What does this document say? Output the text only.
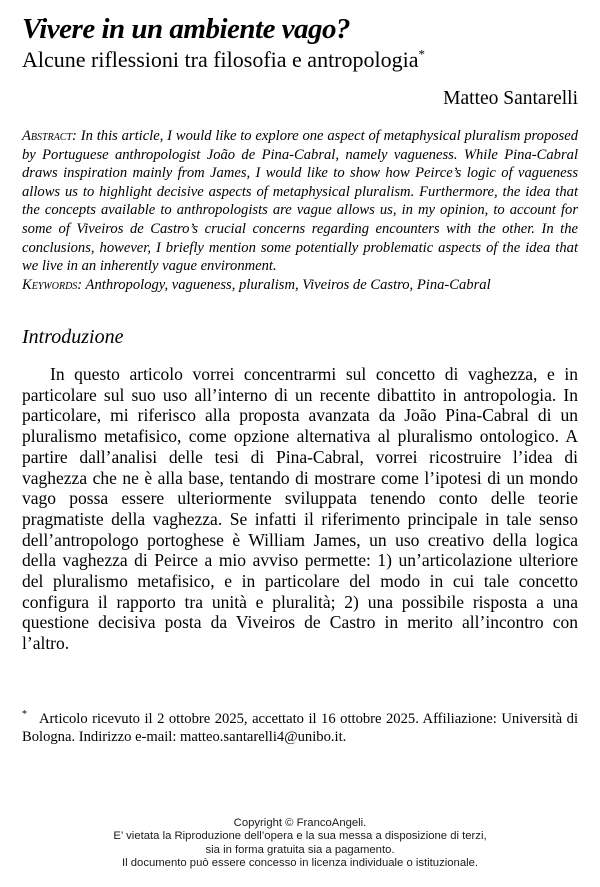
Vivere in un ambiente vago?
Alcune riflessioni tra filosofia e antropologia*
Matteo Santarelli

Abstract: In this article, I would like to explore one aspect of metaphysical pluralism proposed by Portuguese anthropologist João de Pina-Cabral, namely vagueness. While Pina-Cabral draws inspiration mainly from James, I would like to show how Peirce’s logic of vagueness allows us to highlight decisive aspects of metaphysical pluralism. Furthermore, the idea that the concepts available to anthropologists are vague allows us, in my opinion, to account for some of Viveiros de Castro’s crucial concerns regarding encounters with the other. In the conclusions, however, I briefly mention some potentially problematic aspects of the idea that we live in an inherently vague environment.

Keywords: Anthropology, vagueness, pluralism, Viveiros de Castro, Pina-Cabral

Introduzione

In questo articolo vorrei concentrarmi sul concetto di vaghezza, e in particolare sul suo uso all’interno di un recente dibattito in antropologia. In particolare, mi riferisco alla proposta avanzata da João Pina-Cabral di un pluralismo metafisico, come opzione alternativa al pluralismo ontologico. A partire dall’analisi delle tesi di Pina-Cabral, vorrei ricostruire l’idea di vaghezza che ne è alla base, tentando di mostrare come l’ipotesi di un mondo vago possa essere ulteriormente sviluppata tenendo conto delle teorie pragmatiste della vaghezza. Se infatti il riferimento principale in tale senso dell’antropologo portoghese è William James, un uso creativo della logica della vaghezza di Peirce a mio avviso permette: 1) un’articolazione ulteriore del pluralismo metafisico, e in particolare del modo in cui tale concetto configura il rapporto tra unità e pluralità; 2) una possibile risposta a una questione decisiva posta da Viveiros de Castro in merito all’incontro con l’altro.

* Articolo ricevuto il 2 ottobre 2025, accettato il 16 ottobre 2025. Affiliazione: Università di Bologna. Indirizzo e-mail: matteo.santarelli4@unibo.it.

Copyright © FrancoAngeli.
E’ vietata la Riproduzione dell’opera e la sua messa a disposizione di terzi,
sia in forma gratuita sia a pagamento.
Il documento può essere concesso in licenza individuale o istituzionale.
